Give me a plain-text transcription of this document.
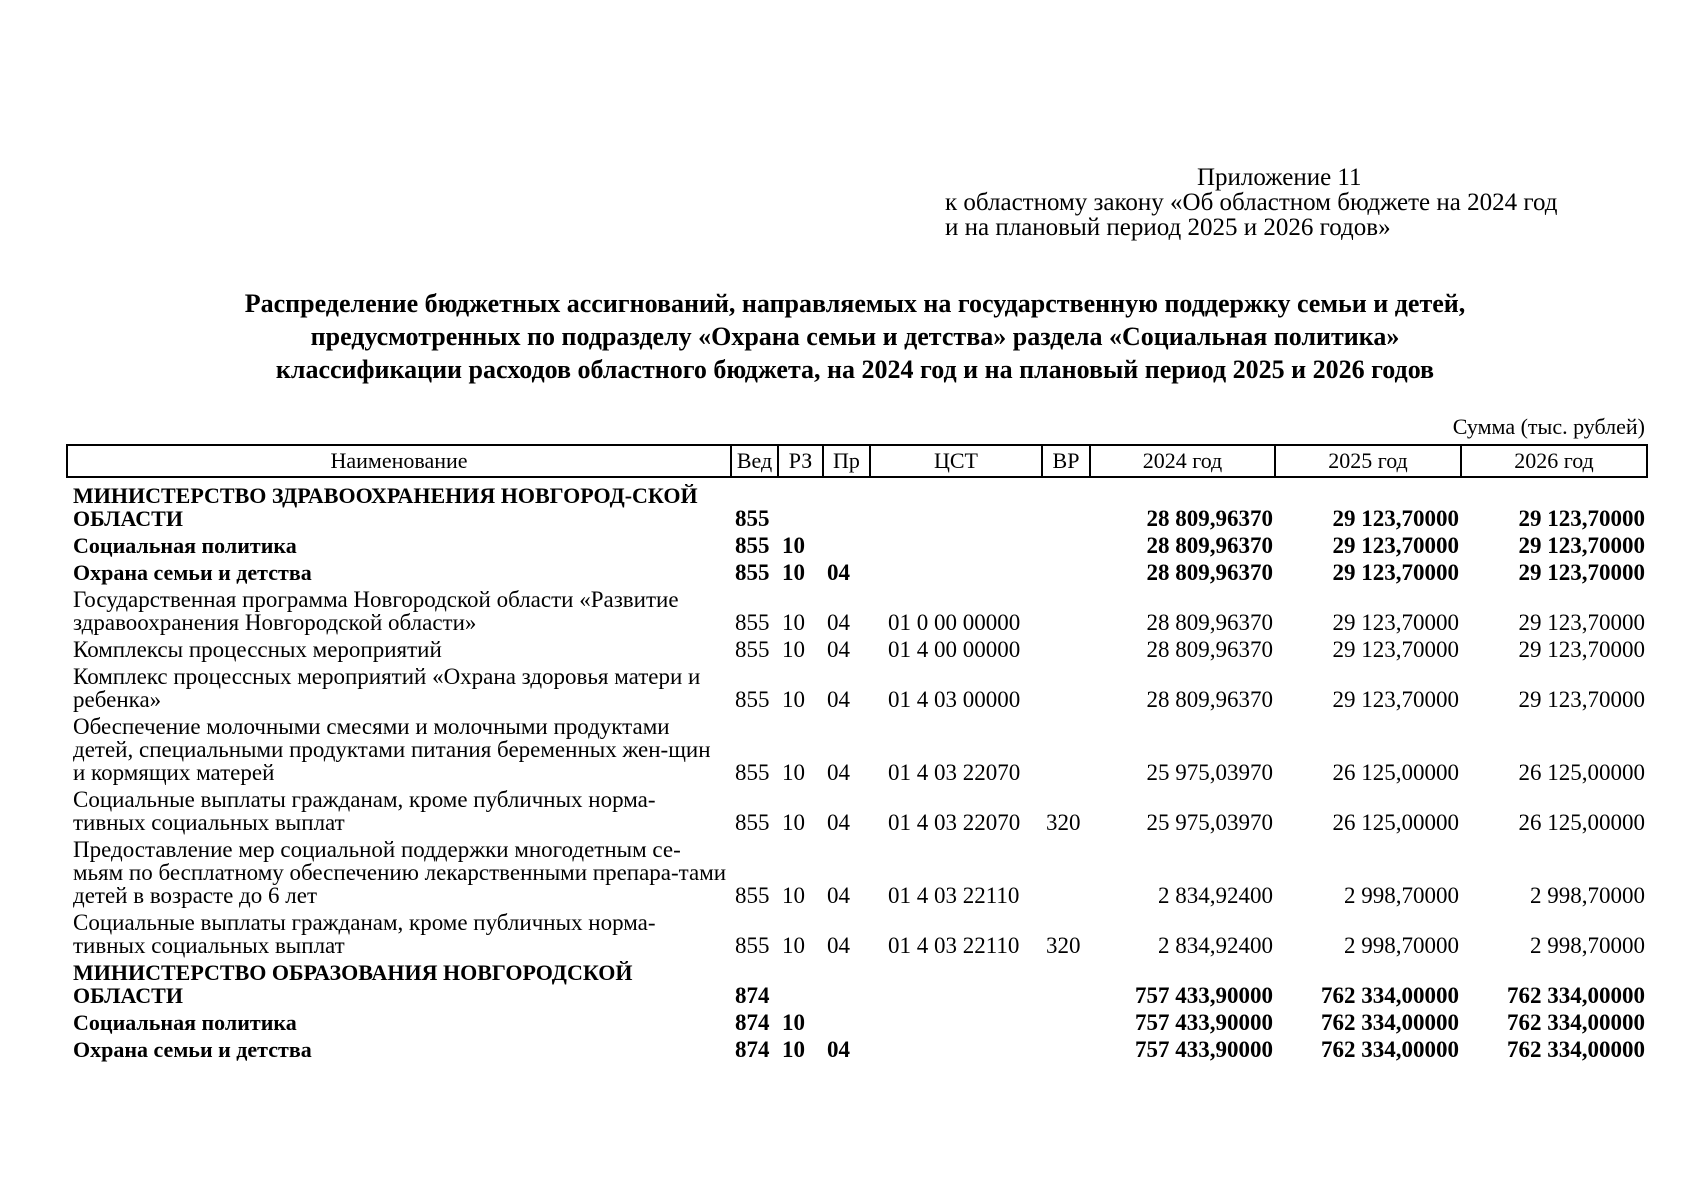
Приложение 11
к областному закону «Об областном бюджете на 2024 год
и на плановый период 2025 и 2026 годов»
Распределение бюджетных ассигнований, направляемых на государственную поддержку семьи и детей,
предусмотренных по подразделу «Охрана семьи и детства» раздела «Социальная политика»
классификации расходов областного бюджета, на 2024 год и на плановый период 2025 и 2026 годов
Сумма (тыс. рублей)
Наименование	Вед	РЗ	Пр	ЦСТ	ВР	2024 год	2025 год	2026 год
МИНИСТЕРСТВО ЗДРАВООХРАНЕНИЯ НОВГОРОД-СКОЙ ОБЛАСТИ	855					28 809,96370	29 123,70000	29 123,70000
Социальная политика	855	10				28 809,96370	29 123,70000	29 123,70000
Охрана семьи и детства	855	10	04			28 809,96370	29 123,70000	29 123,70000
Государственная программа Новгородской области «Развитие здравоохранения Новгородской области»	855	10	04	01 0 00 00000		28 809,96370	29 123,70000	29 123,70000
Комплексы процессных мероприятий	855	10	04	01 4 00 00000		28 809,96370	29 123,70000	29 123,70000
Комплекс процессных мероприятий «Охрана здоровья матери и ребенка»	855	10	04	01 4 03 00000		28 809,96370	29 123,70000	29 123,70000
Обеспечение молочными смесями и молочными продуктами детей, специальными продуктами питания беременных жен-щин и кормящих матерей	855	10	04	01 4 03 22070		25 975,03970	26 125,00000	26 125,00000
Социальные выплаты гражданам, кроме публичных норма-тивных социальных выплат	855	10	04	01 4 03 22070	320	25 975,03970	26 125,00000	26 125,00000
Предоставление мер социальной поддержки многодетным се-мьям по бесплатному обеспечению лекарственными препара-тами детей в возрасте до 6 лет	855	10	04	01 4 03 22110		2 834,92400	2 998,70000	2 998,70000
Социальные выплаты гражданам, кроме публичных норма-тивных социальных выплат	855	10	04	01 4 03 22110	320	2 834,92400	2 998,70000	2 998,70000
МИНИСТЕРСТВО ОБРАЗОВАНИЯ НОВГОРОДСКОЙ ОБЛАСТИ	874					757 433,90000	762 334,00000	762 334,00000
Социальная политика	874	10				757 433,90000	762 334,00000	762 334,00000
Охрана семьи и детства	874	10	04			757 433,90000	762 334,00000	762 334,00000
